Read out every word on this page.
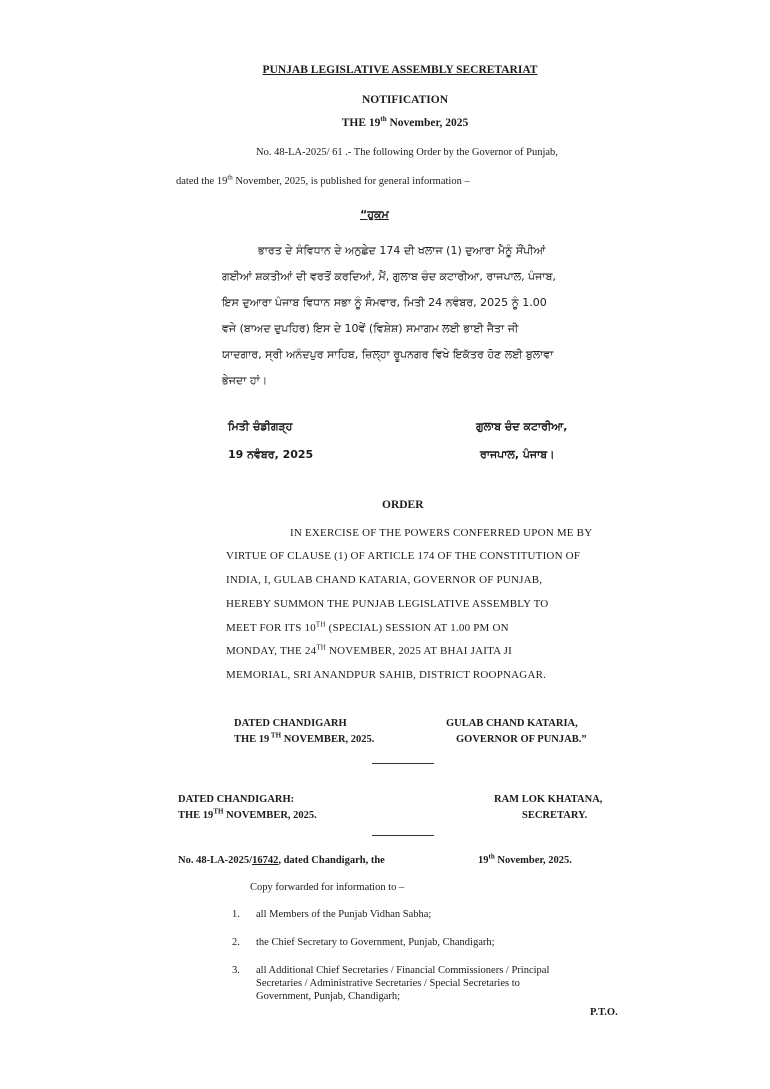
PUNJAB LEGISLATIVE ASSEMBLY SECRETARIAT
NOTIFICATION
THE 19th November, 2025
No. 48-LA-2025/ 61 .- The following Order by the Governor of Punjab,
dated the 19th November, 2025, is published for general information –
“ਹੁਕਮ
ਭਾਰਤ ਦੇ ਸੰਵਿਧਾਨ ਦੇ ਅਨੁਛੇਦ 174 ਦੀ ਖਲਾਜ (1) ਦੁਆਰਾ ਮੈਨੂੰ ਸੌਂਪੀਆਂ
ਗਈਆਂ ਸ਼ਕਤੀਆਂ ਦੀ ਵਰਤੋਂ ਕਰਦਿਆਂ, ਮੈਂ, ਗੁਲਾਬ ਚੰਦ ਕਟਾਰੀਆ, ਰਾਜਪਾਲ, ਪੰਜਾਬ,
ਇਸ ਦੁਆਰਾ ਪੰਜਾਬ ਵਿਧਾਨ ਸਭਾ ਨੂੰ ਸੋਮਵਾਰ, ਮਿਤੀ 24 ਨਵੰਬਰ, 2025 ਨੂੰ 1.00
ਵਜੇ (ਬਾਅਦ ਦੁਪਹਿਰ) ਇਸ ਦੇ 10ਵੇਂ (ਵਿਸ਼ੇਸ਼) ਸਮਾਗਮ ਲਈ ਭਾਈ ਜੈਤਾ ਜੀ
ਯਾਦਗਾਰ, ਸ੍ਰੀ ਅਨੰਦਪੁਰ ਸਾਹਿਬ, ਜ਼ਿਲ੍ਹਾ ਰੂਪਨਗਰ ਵਿਖੇ ਇਕੱਤਰ ਹੋਣ ਲਈ ਬੁਲਾਵਾ
ਭੇਜਦਾ ਹਾਂ।
ਮਿਤੀ ਚੰਡੀਗੜ੍ਹ
19 ਨਵੰਬਰ, 2025
ਗੁਲਾਬ ਚੰਦ ਕਟਾਰੀਆ,
ਰਾਜਪਾਲ, ਪੰਜਾਬ।
ORDER
IN EXERCISE OF THE POWERS CONFERRED UPON ME BY
VIRTUE OF CLAUSE (1) OF ARTICLE 174 OF THE CONSTITUTION OF
INDIA, I, GULAB CHAND KATARIA, GOVERNOR OF PUNJAB,
HEREBY SUMMON THE PUNJAB LEGISLATIVE ASSEMBLY TO
MEET FOR ITS 10TH (SPECIAL) SESSION AT 1.00 PM ON
MONDAY, THE 24TH NOVEMBER, 2025 AT BHAI JAITA JI
MEMORIAL, SRI ANANDPUR SAHIB, DISTRICT ROOPNAGAR.
DATED CHANDIGARH
THE 19 $^{TH}$ NOVEMBER, 2025.
GULAB CHAND KATARIA,
GOVERNOR OF PUNJAB.”
DATED CHANDIGARH:
THE 19TH NOVEMBER, 2025.
RAM LOK KHATANA,
SECRETARY.
No. 48-LA-2025/16742, dated Chandigarh, the	19th November, 2025.
Copy forwarded for information to –
1. all Members of the Punjab Vidhan Sabha;
2. the Chief Secretary to Government, Punjab, Chandigarh;
3. all Additional Chief Secretaries / Financial Commissioners / Principal
Secretaries / Administrative Secretaries / Special Secretaries to
Government, Punjab, Chandigarh;
P.T.O.
